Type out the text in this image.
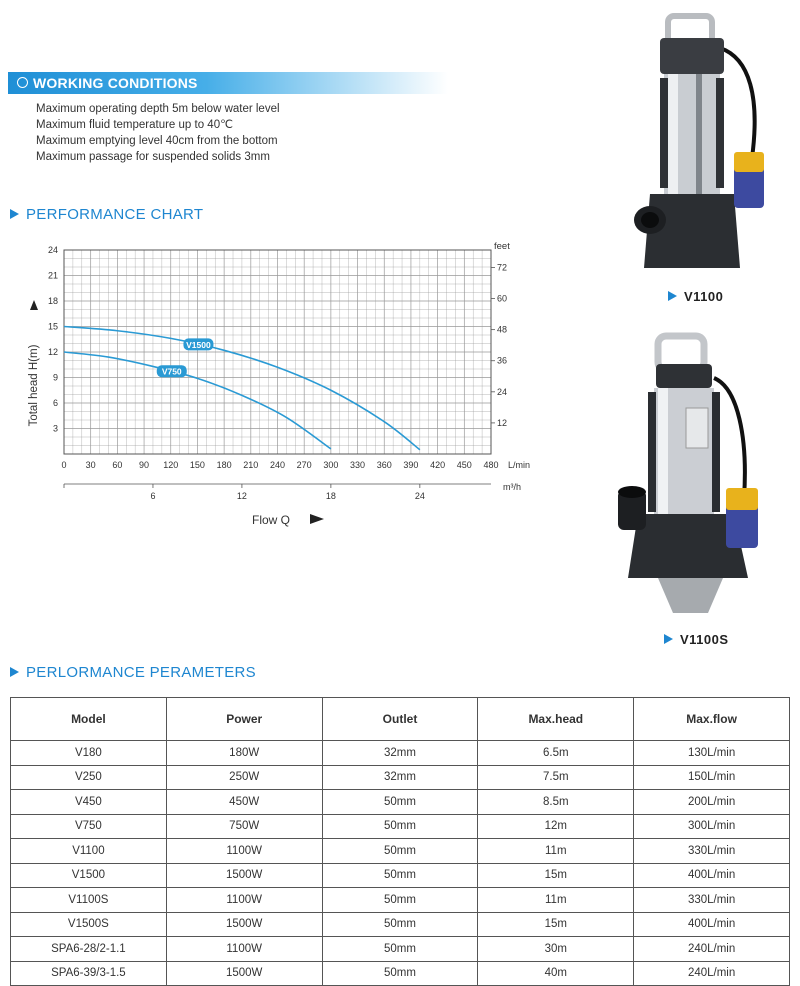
WORKING CONDITIONS
Maximum operating depth 5m below water level
Maximum fluid temperature up to 40℃
Maximum emptying level 40cm from the bottom
Maximum passage for suspended solids 3mm
PERFORMANCE CHART
V1500
V750
3
6
9
12
15
18
21
24
12
24
36
48
60
72
feet
0 30 60 90 120 150 180 210 240 270 300 330 360 390 420 450 480 L/min
6	12	18	24
m³/h
Total head H(m)
Flow Q
V1100
V1100S
PERLORMANCE PERAMETERS
Model	Power	Outlet	Max.head	Max.flow
V180	180W	32mm	6.5m	130L/min
V250	250W	32mm	7.5m	150L/min
V450	450W	50mm	8.5m	200L/min
V750	750W	50mm	12m	300L/min
V1100	1100W	50mm	11m	330L/min
V1500	1500W	50mm	15m	400L/min
V1100S	1100W	50mm	11m	330L/min
V1500S	1500W	50mm	15m	400L/min
SPA6-28/2-1.1	1100W	50mm	30m	240L/min
SPA6-39/3-1.5	1500W	50mm	40m	240L/min
